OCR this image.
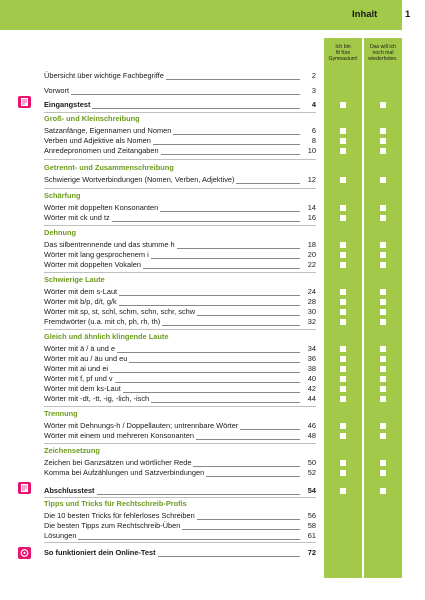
Inhalt	1
Ich bin
fit fürs
Gymnasium!
Das will ich
noch mal
wiederholen.
Übersicht über wichtige Fachbegriffe	2
Vorwort	3
Eingangstest	4
Groß- und Kleinschreibung
Satzanfänge, Eigennamen und Nomen	6
Verben und Adjektive als Nomen	8
Anredepronomen und Zeitangaben	10
Getrennt- und Zusammenschreibung
Schwierige Wortverbindungen (Nomen, Verben, Adjektive)	12
Schärfung
Wörter mit doppelten Konsonanten	14
Wörter mit ck und tz	16
Dehnung
Das silbentrennende und das stumme h	18
Wörter mit lang gesprochenem i	20
Wörter mit doppelten Vokalen	22
Schwierige Laute
Wörter mit dem s-Laut	24
Wörter mit b/p, d/t, g/k	28
Wörter mit sp, st, schl, schm, schn, schr, schw	30
Fremdwörter (u.a. mit ch, ph, rh, th)	32
Gleich und ähnlich klingende Laute
Wörter mit ä / ä und e	34
Wörter mit au / äu und eu	36
Wörter mit ai und ei	38
Wörter mit f, pf und v	40
Wörter mit dem ks-Laut	42
Wörter mit -dt, -tt, -ig, -lich, -isch	44
Trennung
Wörter mit Dehnungs-h / Doppellauten; untrennbare Wörter	46
Wörter mit einem und mehreren Konsonanten	48
Zeichensetzung
Zeichen bei Ganzsätzen und wörtlicher Rede	50
Komma bei Aufzählungen und Satzverbindungen	52
Abschlusstest	54
Tipps und Tricks für Rechtschreib-Profis
Die 10 besten Tricks für fehlerloses Schreiben	56
Die besten Tipps zum Rechtschreib-Üben	58
Lösungen	61
So funktioniert dein Online-Test	72
